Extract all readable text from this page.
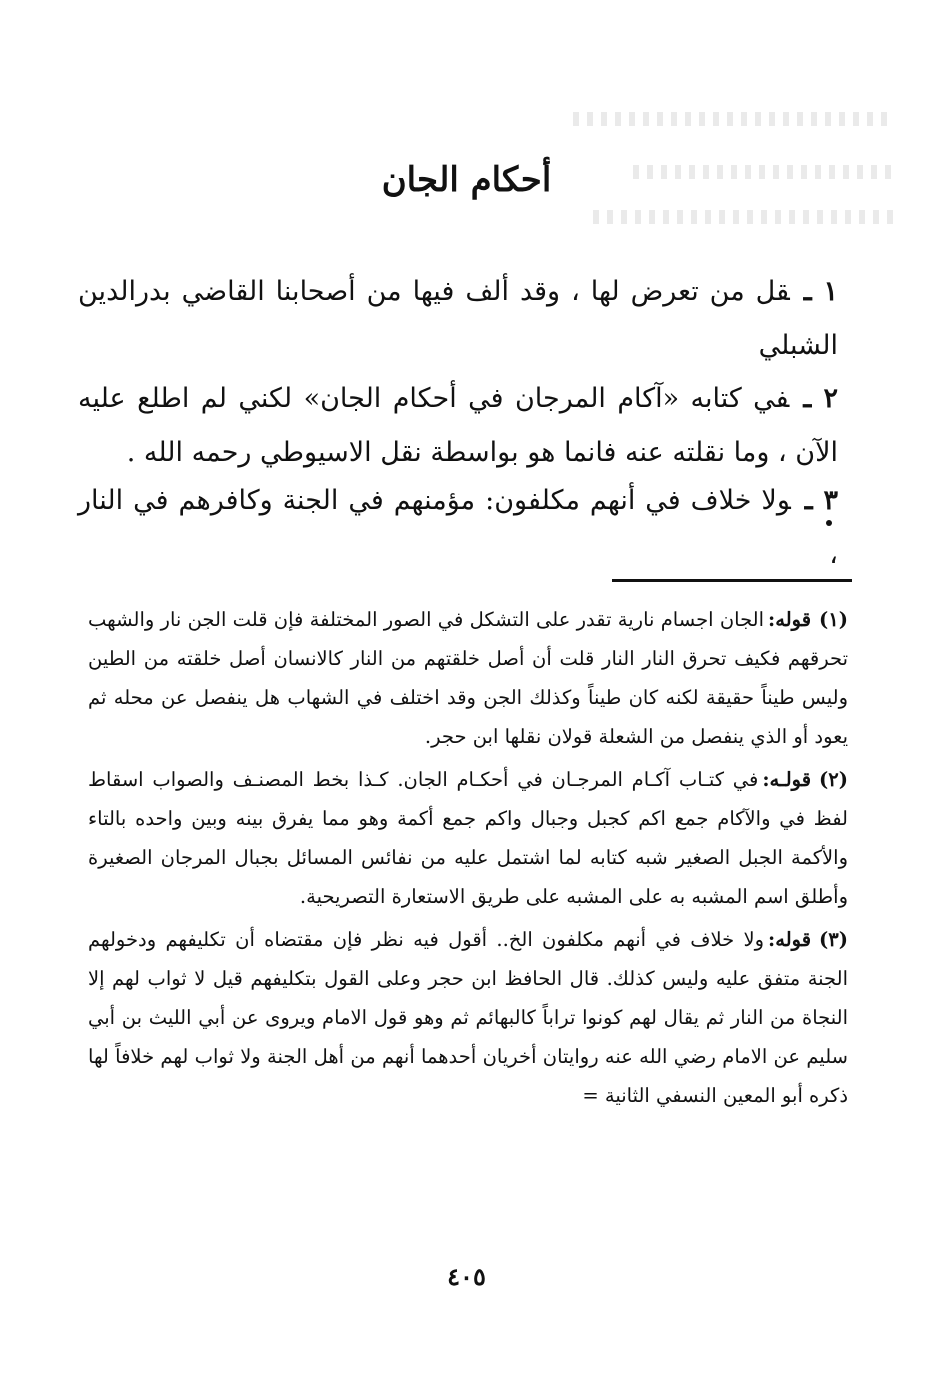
أحكام الجان
١ ـقل من تعرض لها ، وقد ألف فيها من أصحابنا القاضي بدرالدين الشبلي
٢ ـفي كتابه «آكام المرجان في أحكام الجان» لكني لم اطلع عليه الآن ، وما نقلته عنه فانما هو بواسطة نقل الاسيوطي رحمه الله .
٣ ـولا خلاف في أنهم مكلفون: مؤمنهم في الجنة وكافرهم في النار ،

(١)قوله:الجان اجسام نارية تقدر على التشكل في الصور المختلفة فإن قلت الجن نار والشهب تحرقهم فكيف تحرق النار النار قلت أن أصل خلقتهم من النار كالانسان أصل خلقته من الطين وليس طيناً حقيقة لكنه كان طيناً وكذلك الجن وقد اختلف في الشهاب هل ينفصل عن محله ثم يعود أو الذي ينفصل من الشعلة قولان نقلها ابن حجر.

(٢)قولـه:في كتـاب آكـام المرجـان في أحكـام الجان. كـذا بخط المصنـف والصواب اسقاط لفظ في والآكام جمع اكم كجبل وجبال واكم جمع أكمة وهو مما يفرق بينه وبين واحده بالتاء والأكمة الجبل الصغير شبه كتابه لما اشتمل عليه من نفائس المسائل بجبال المرجان الصغيرة وأطلق اسم المشبه به على المشبه على طريق الاستعارة التصريحية.

(٣)قوله:ولا خلاف في أنهم مكلفون الخ.. أقول فيه نظر فإن مقتضاه أن تكليفهم ودخولهم الجنة متفق عليه وليس كذلك. قال الحافظ ابن حجر وعلى القول بتكليفهم قيل لا ثواب لهم إلا النجاة من النار ثم يقال لهم كونوا تراباً كالبهائم ثم وهو قول الامام ويروى عن أبي الليث بن أبي سليم عن الامام رضي الله عنه روايتان أخريان أحدهما أنهم من أهل الجنة ولا ثواب لهم خلافاً لها ذكره أبو المعين النسفي الثانية =

٤٠٥
